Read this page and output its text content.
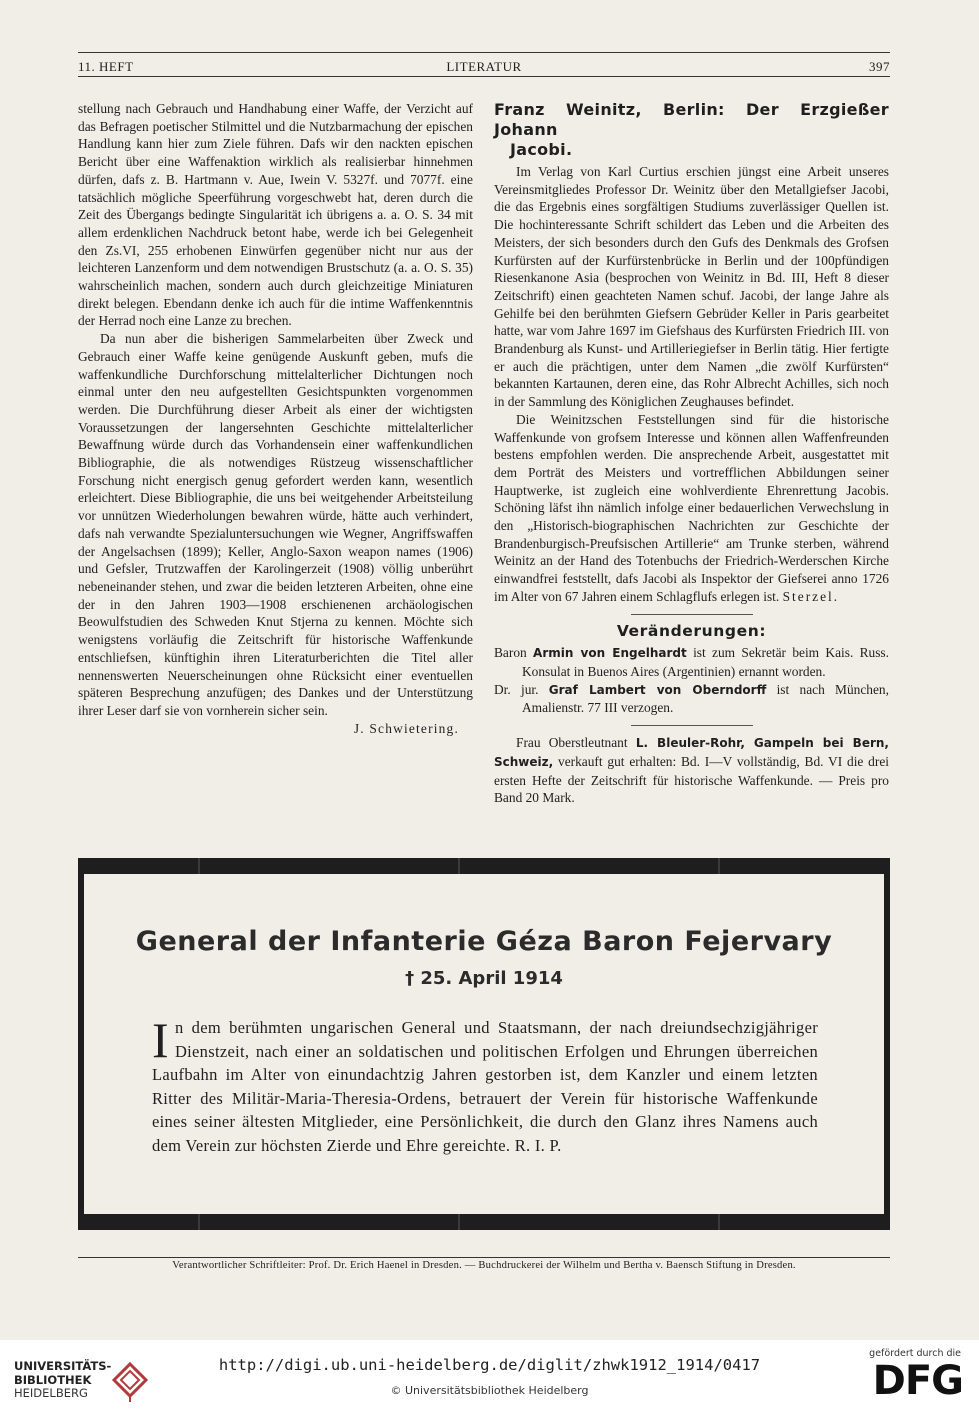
11. HEFT	LITERATUR	397

stellung nach Gebrauch und Handhabung einer Waffe, der Verzicht auf das Befragen poetischer Stilmittel und die Nutzbarmachung der epischen Handlung kann hier zum Ziele führen. Dafs wir den nackten epischen Bericht über eine Waffenaktion wirklich als realisierbar hinnehmen dürfen, dafs z. B. Hartmann v. Aue, Iwein V. 5327f. und 7077f. eine tatsächlich mögliche Speerführung vorgeschwebt hat, deren durch die Zeit des Übergangs bedingte Singularität ich übrigens a. a. O. S. 34 mit allem erdenklichen Nachdruck betont habe, werde ich bei Gelegenheit den Zs.VI, 255 erhobenen Einwürfen gegenüber nicht nur aus der leichteren Lanzenform und dem notwendigen Brustschutz (a. a. O. S. 35) wahrscheinlich machen, sondern auch durch gleichzeitige Miniaturen direkt belegen. Ebendann denke ich auch für die intime Waffenkenntnis der Herrad noch eine Lanze zu brechen.

Da nun aber die bisherigen Sammelarbeiten über Zweck und Gebrauch einer Waffe keine genügende Auskunft geben, mufs die waffenkundliche Durchforschung mittelalterlicher Dichtungen noch einmal unter den neu aufgestellten Gesichtspunkten vorgenommen werden. Die Durchführung dieser Arbeit als einer der wichtigsten Voraussetzungen der langersehnten Geschichte mittelalterlicher Bewaffnung würde durch das Vorhandensein einer waffenkundlichen Bibliographie, die als notwendiges Rüstzeug wissenschaftlicher Forschung nicht energisch genug gefordert werden kann, wesentlich erleichtert. Diese Bibliographie, die uns bei weitgehender Arbeitsteilung vor unnützen Wiederholungen bewahren würde, hätte auch verhindert, dafs nah verwandte Spezialuntersuchungen wie Wegner, Angriffswaffen der Angelsachsen (1899); Keller, Anglo-Saxon weapon names (1906) und Gefsler, Trutzwaffen der Karolingerzeit (1908) völlig unberührt nebeneinander stehen, und zwar die beiden letzteren Arbeiten, ohne eine der in den Jahren 1903—1908 erschienenen archäologischen Beowulfstudien des Schweden Knut Stjerna zu kennen. Möchte sich wenigstens vorläufig die Zeitschrift für historische Waffenkunde entschliefsen, künftighin ihren Literaturberichten die Titel aller nennenswerten Neuerscheinungen ohne Rücksicht einer eventuellen späteren Besprechung anzufügen; des Dankes und der Unterstützung ihrer Leser darf sie von vornherein sicher sein.

J. Schwietering.

Franz Weinitz, Berlin: Der Erzgießer Johann
Jacobi.

Im Verlag von Karl Curtius erschien jüngst eine Arbeit unseres Vereinsmitgliedes Professor Dr. Weinitz über den Metallgiefser Jacobi, die das Ergebnis eines sorgfältigen Studiums zuverlässiger Quellen ist. Die hochinteressante Schrift schildert das Leben und die Arbeiten des Meisters, der sich besonders durch den Gufs des Denkmals des Grofsen Kurfürsten auf der Kurfürstenbrücke in Berlin und der 100pfündigen Riesenkanone Asia (besprochen von Weinitz in Bd. III, Heft 8 dieser Zeitschrift) einen geachteten Namen schuf. Jacobi, der lange Jahre als Gehilfe bei den berühmten Giefsern Gebrüder Keller in Paris gearbeitet hatte, war vom Jahre 1697 im Giefshaus des Kurfürsten Friedrich III. von Brandenburg als Kunst- und Artilleriegiefser in Berlin tätig. Hier fertigte er auch die prächtigen, unter dem Namen „die zwölf Kurfürsten“ bekannten Kartaunen, deren eine, das Rohr Albrecht Achilles, sich noch in der Sammlung des Königlichen Zeughauses befindet.

Die Weinitzschen Feststellungen sind für die historische Waffenkunde von grofsem Interesse und können allen Waffenfreunden bestens empfohlen werden. Die ansprechende Arbeit, ausgestattet mit dem Porträt des Meisters und vortrefflichen Abbildungen seiner Hauptwerke, ist zugleich eine wohlverdiente Ehrenrettung Jacobis. Schöning läfst ihn nämlich infolge einer bedauerlichen Verwechslung in den „Historisch-biographischen Nachrichten zur Geschichte der Brandenburgisch-Preufsischen Artillerie“ am Trunke sterben, während Weinitz an der Hand des Totenbuchs der Friedrich-Werderschen Kirche einwandfrei feststellt, dafs Jacobi als Inspektor der Giefserei anno 1726 im Alter von 67 Jahren einem Schlagflufs erlegen ist. Sterzel.

Veränderungen:

Baron Armin von Engelhardt ist zum Sekretär beim Kais. Russ. Konsulat in Buenos Aires (Argentinien) ernannt worden.

Dr. jur. Graf Lambert von Oberndorff ist nach München, Amalienstr. 77 III verzogen.

Frau Oberstleutnant L. Bleuler-Rohr, Gampeln bei Bern, Schweiz, verkauft gut erhalten: Bd. I—V vollständig, Bd. VI die drei ersten Hefte der Zeitschrift für historische Waffenkunde. — Preis pro Band 20 Mark.

General der Infanterie Géza Baron Fejervary
† 25. April 1914
In dem berühmten ungarischen General und Staatsmann, der nach dreiundsechzigjähriger Dienstzeit, nach einer an soldatischen und politischen Erfolgen und Ehrungen überreichen Laufbahn im Alter von einundachtzig Jahren gestorben ist, dem Kanzler und einem letzten Ritter des Militär-Maria-Theresia-Ordens, betrauert der Verein für historische Waffenkunde eines seiner ältesten Mitglieder, eine Persönlichkeit, die durch den Glanz ihres Namens auch dem Verein zur höchsten Zierde und Ehre gereichte. R. I. P.
Verantwortlicher Schriftleiter: Prof. Dr. Erich Haenel in Dresden. — Buchdruckerei der Wilhelm und Bertha v. Baensch Stiftung in Dresden.
UNIVERSITÄTS-
BIBLIOTHEK
HEIDELBERG
http://digi.ub.uni-heidelberg.de/diglit/zhwk1912_1914/0417
© Universitätsbibliothek Heidelberg
gefördert durch die
DFG
